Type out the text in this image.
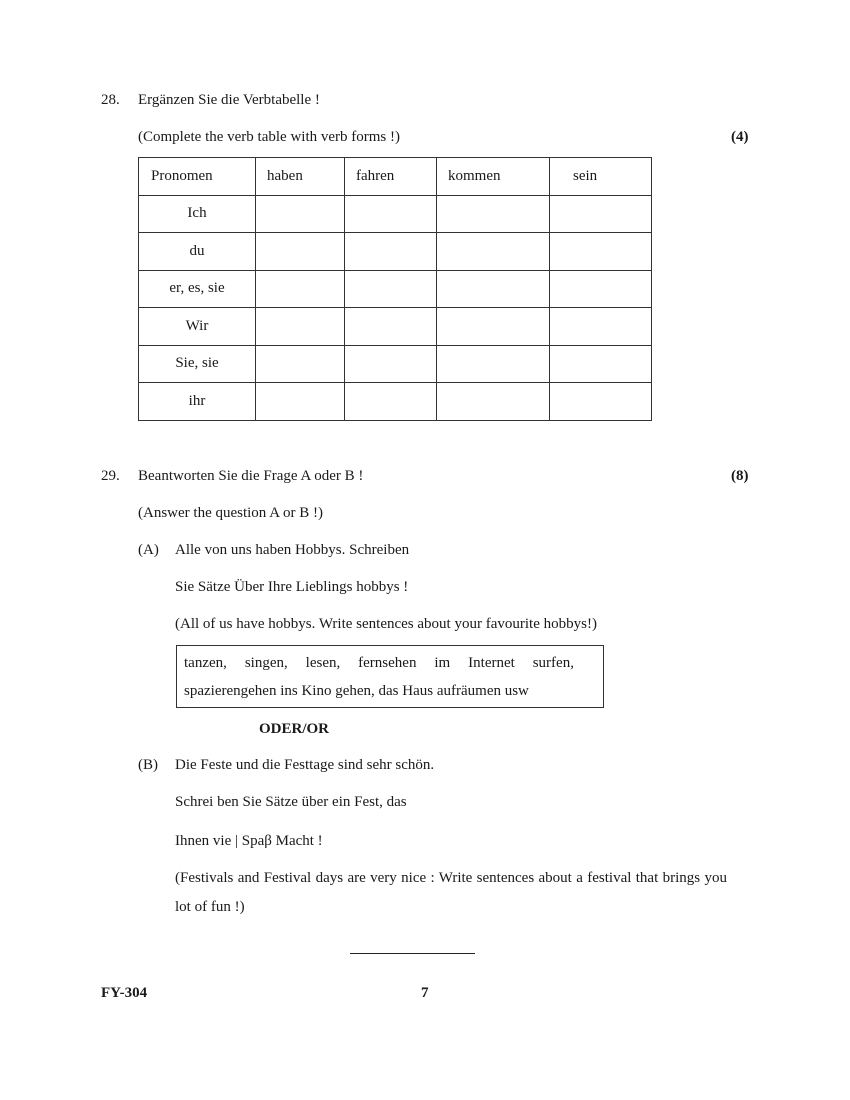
28. Ergänzen Sie die Verbtabelle !
(Complete the verb table with verb forms !)	(4)
Pronomen	haben	fahren	kommen	sein
Ich				
du				
er, es, sie				
Wir				
Sie, sie				
ihr				
29. Beantworten Sie die Frage A oder B !	(8)
(Answer the question A or B !)
(A) Alle von uns haben Hobbys. Schreiben
Sie Sätze Über Ihre Lieblings hobbys !
(All of us have hobbys. Write sentences about your favourite hobbys!)
tanzen, singen, lesen, fernsehen im Internet surfen,
spazierengehen ins Kino gehen, das Haus aufräumen usw
ODER/OR
(B) Die Feste und die Festtage sind sehr schön.
Schrei ben Sie Sätze über ein Fest, das
Ihnen vie | Spaβ Macht !
(Festivals and Festival days are very nice : Write sentences about a festival that brings you lot of fun !)
FY-304	7
